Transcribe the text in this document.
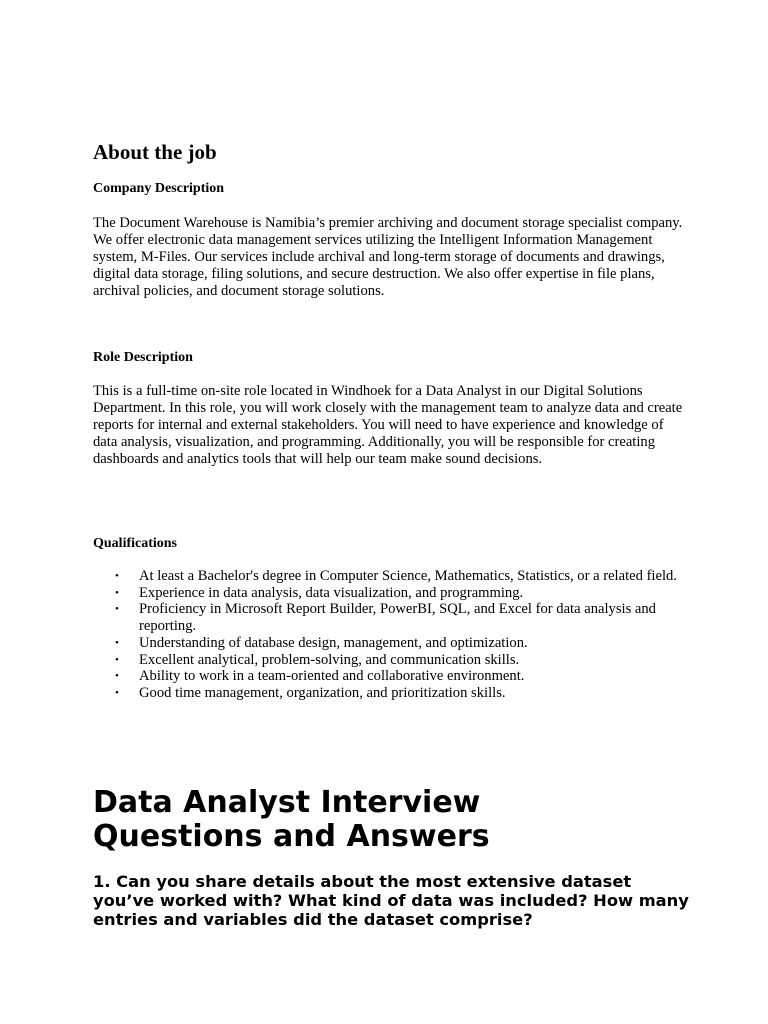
About the job
Company Description

The Document Warehouse is Namibia’s premier archiving and document storage specialist company. We offer electronic data management services utilizing the Intelligent Information Management system, M-Files. Our services include archival and long-term storage of documents and drawings, digital data storage, filing solutions, and secure destruction. We also offer expertise in file plans, archival policies, and document storage solutions.

Role Description

This is a full-time on-site role located in Windhoek for a Data Analyst in our Digital Solutions Department. In this role, you will work closely with the management team to analyze data and create reports for internal and external stakeholders. You will need to have experience and knowledge of data analysis, visualization, and programming. Additionally, you will be responsible for creating dashboards and analytics tools that will help our team make sound decisions.

Qualifications
• At least a Bachelor's degree in Computer Science, Mathematics, Statistics, or a related field.
• Experience in data analysis, data visualization, and programming.
• Proficiency in Microsoft Report Builder, PowerBI, SQL, and Excel for data analysis and reporting.
• Understanding of database design, management, and optimization.
• Excellent analytical, problem-solving, and communication skills.
• Ability to work in a team-oriented and collaborative environment.
• Good time management, organization, and prioritization skills.
Data Analyst Interview Questions and Answers
1. Can you share details about the most extensive dataset you’ve worked with? What kind of data was included? How many entries and variables did the dataset comprise?
